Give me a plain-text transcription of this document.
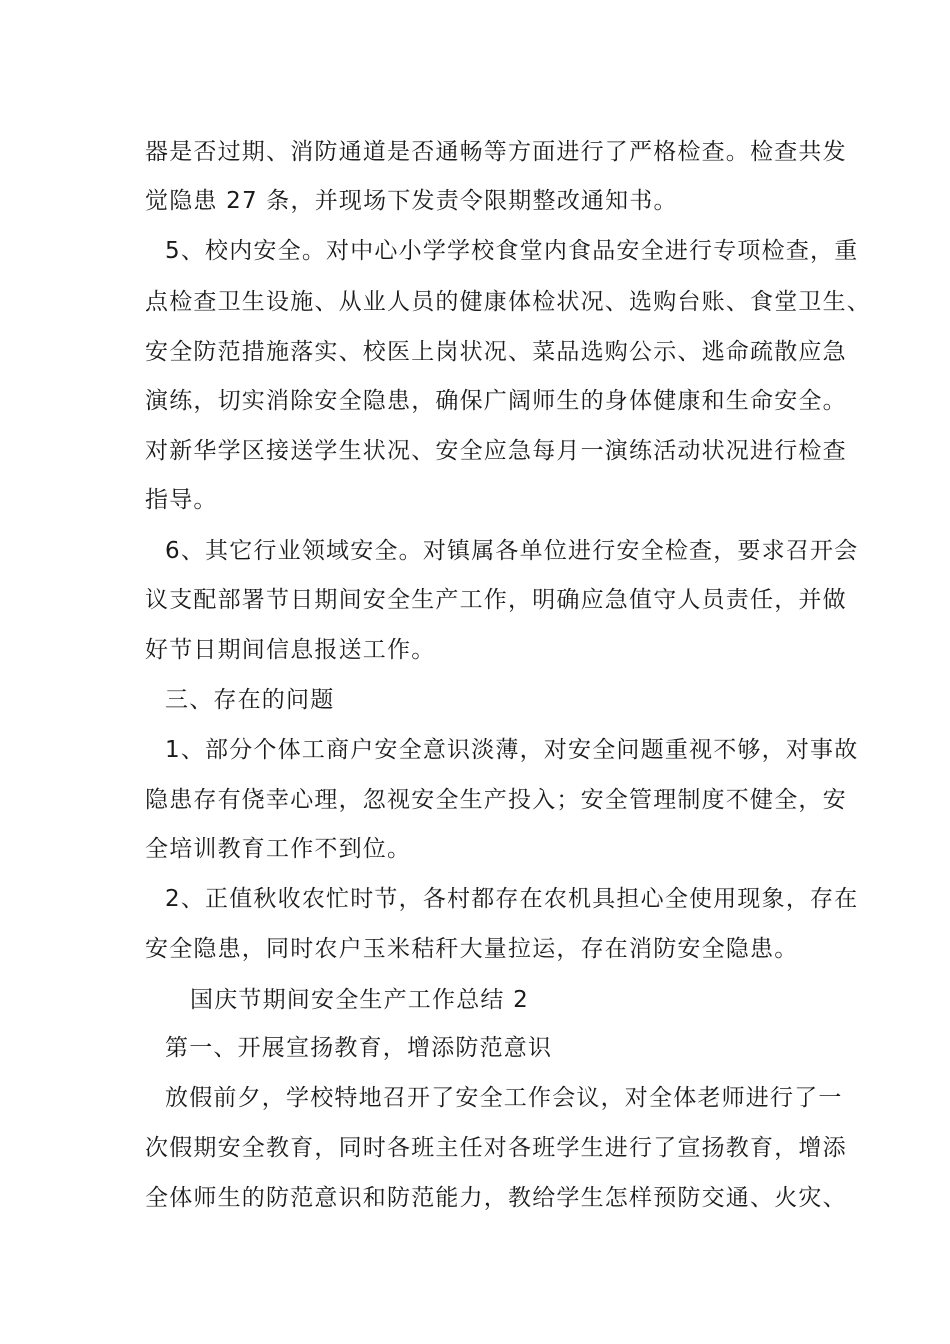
器是否过期、消防通道是否通畅等方面进行了严格检查。检查共发
觉隐患 27 条，并现场下发责令限期整改通知书。
5、校内安全。对中心小学学校食堂内食品安全进行专项检查，重
点检查卫生设施、从业人员的健康体检状况、选购台账、食堂卫生、
安全防范措施落实、校医上岗状况、菜品选购公示、逃命疏散应急
演练，切实消除安全隐患，确保广阔师生的身体健康和生命安全。
对新华学区接送学生状况、安全应急每月一演练活动状况进行检查
指导。
6、其它行业领域安全。对镇属各单位进行安全检查，要求召开会
议支配部署节日期间安全生产工作，明确应急值守人员责任，并做
好节日期间信息报送工作。
三、存在的问题
1、部分个体工商户安全意识淡薄，对安全问题重视不够，对事故
隐患存有侥幸心理，忽视安全生产投入；安全管理制度不健全，安
全培训教育工作不到位。
2、正值秋收农忙时节，各村都存在农机具担心全使用现象，存在
安全隐患，同时农户玉米秸秆大量拉运，存在消防安全隐患。
国庆节期间安全生产工作总结 2
第一、开展宣扬教育，增添防范意识
放假前夕，学校特地召开了安全工作会议，对全体老师进行了一
次假期安全教育，同时各班主任对各班学生进行了宣扬教育，增添
全体师生的防范意识和防范能力，教给学生怎样预防交通、火灾、
